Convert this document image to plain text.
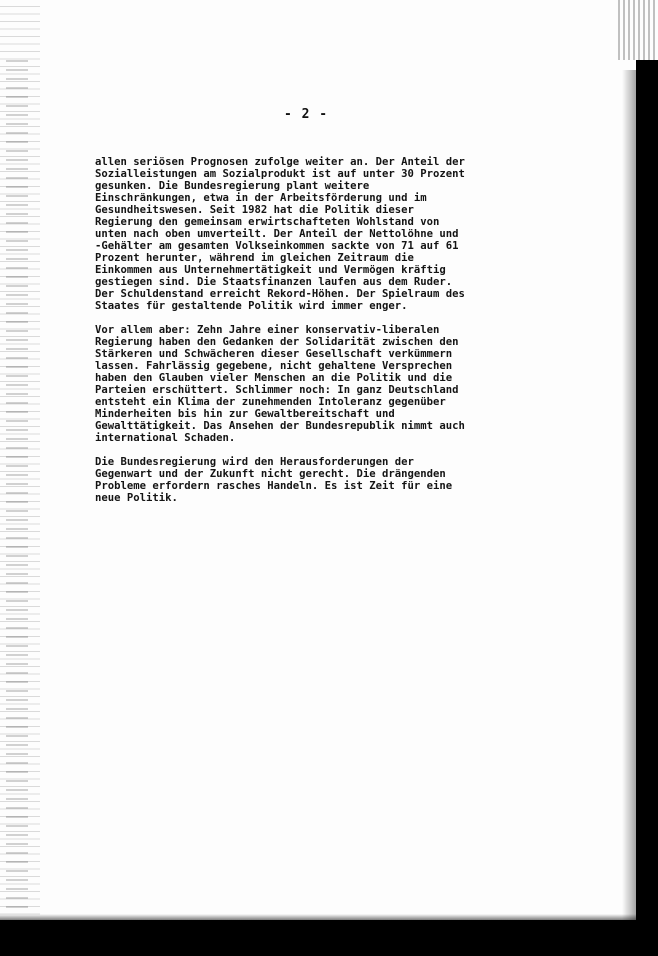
- 2 -
allen seriösen Prognosen zufolge weiter an. Der Anteil der
Sozialleistungen am Sozialprodukt ist auf unter 30 Prozent
gesunken. Die Bundesregierung plant weitere
Einschränkungen, etwa in der Arbeitsförderung und im
Gesundheitswesen. Seit 1982 hat die Politik dieser
Regierung den gemeinsam erwirtschafteten Wohlstand von
unten nach oben umverteilt. Der Anteil der Nettolöhne und
-Gehälter am gesamten Volkseinkommen sackte von 71 auf 61
Prozent herunter, während im gleichen Zeitraum die
Einkommen aus Unternehmertätigkeit und Vermögen kräftig
gestiegen sind. Die Staatsfinanzen laufen aus dem Ruder.
Der Schuldenstand erreicht Rekord-Höhen. Der Spielraum des
Staates für gestaltende Politik wird immer enger.
Vor allem aber: Zehn Jahre einer konservativ-liberalen
Regierung haben den Gedanken der Solidarität zwischen den
Stärkeren und Schwächeren dieser Gesellschaft verkümmern
lassen. Fahrlässig gegebene, nicht gehaltene Versprechen
haben den Glauben vieler Menschen an die Politik und die
Parteien erschüttert. Schlimmer noch: In ganz Deutschland
entsteht ein Klima der zunehmenden Intoleranz gegenüber
Minderheiten bis hin zur Gewaltbereitschaft und
Gewalttätigkeit. Das Ansehen der Bundesrepublik nimmt auch
international Schaden.
Die Bundesregierung wird den Herausforderungen der
Gegenwart und der Zukunft nicht gerecht. Die drängenden
Probleme erfordern rasches Handeln. Es ist Zeit für eine
neue Politik.
